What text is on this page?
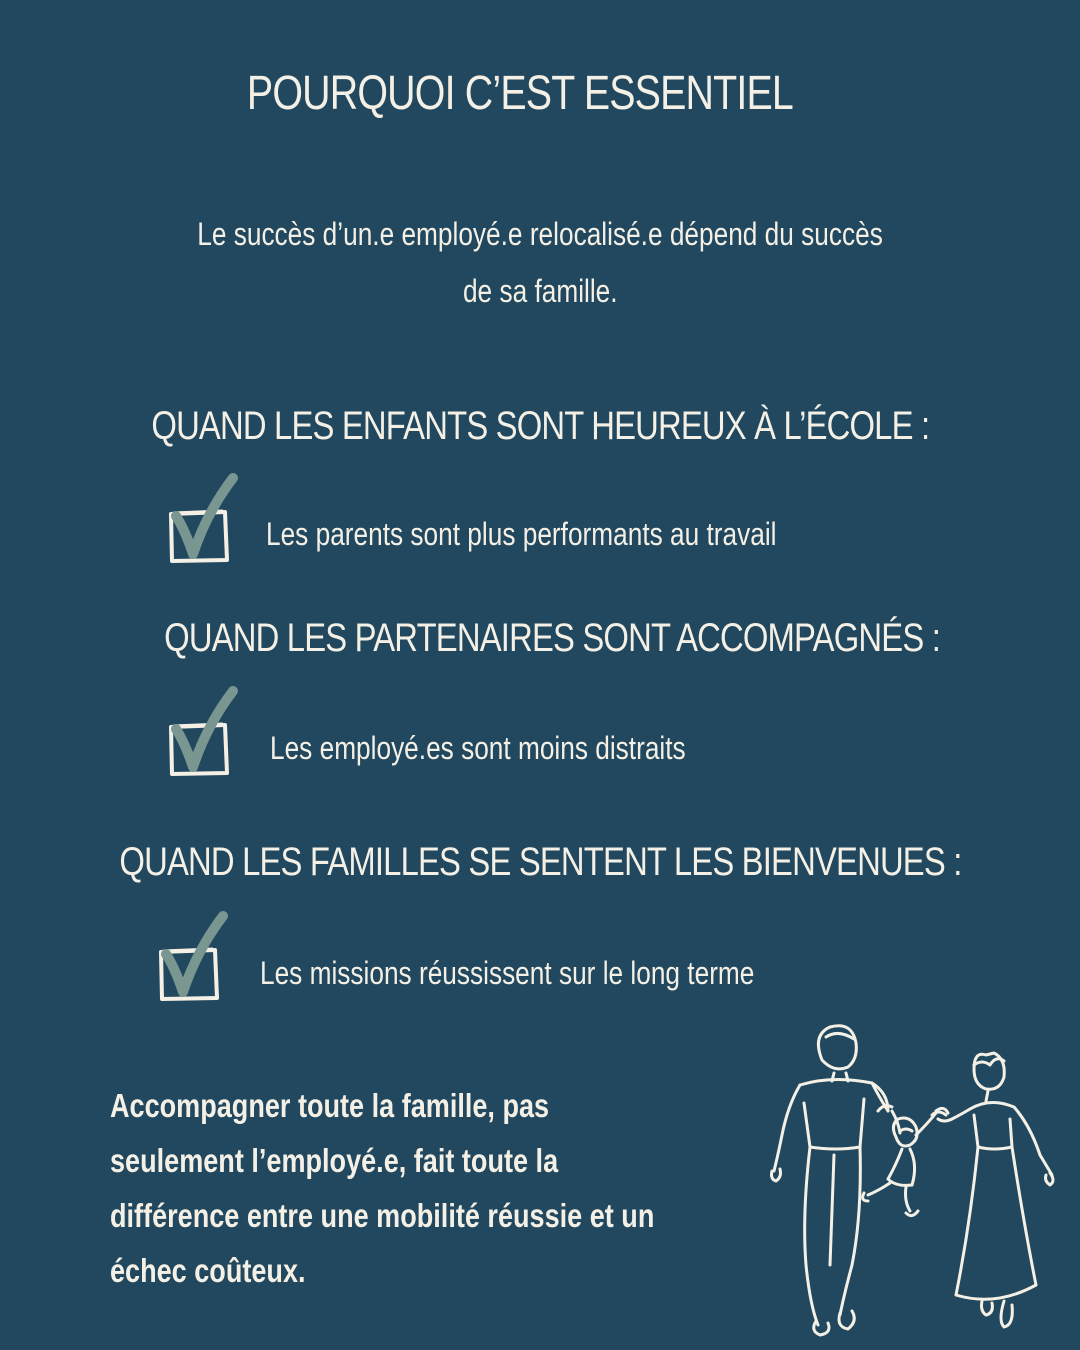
POURQUOI C’EST ESSENTIEL
Le succès d’un.e employé.e relocalisé.e dépend du succès
de sa famille.
QUAND LES ENFANTS SONT HEUREUX À L’ÉCOLE :
Les parents sont plus performants au travail
QUAND LES PARTENAIRES SONT ACCOMPAGNÉS :
Les employé.es sont moins distraits
QUAND LES FAMILLES SE SENTENT LES BIENVENUES :
Les missions réussissent sur le long terme
Accompagner toute la famille, pas
seulement l’employé.e, fait toute la
différence entre une mobilité réussie et un
échec coûteux.
